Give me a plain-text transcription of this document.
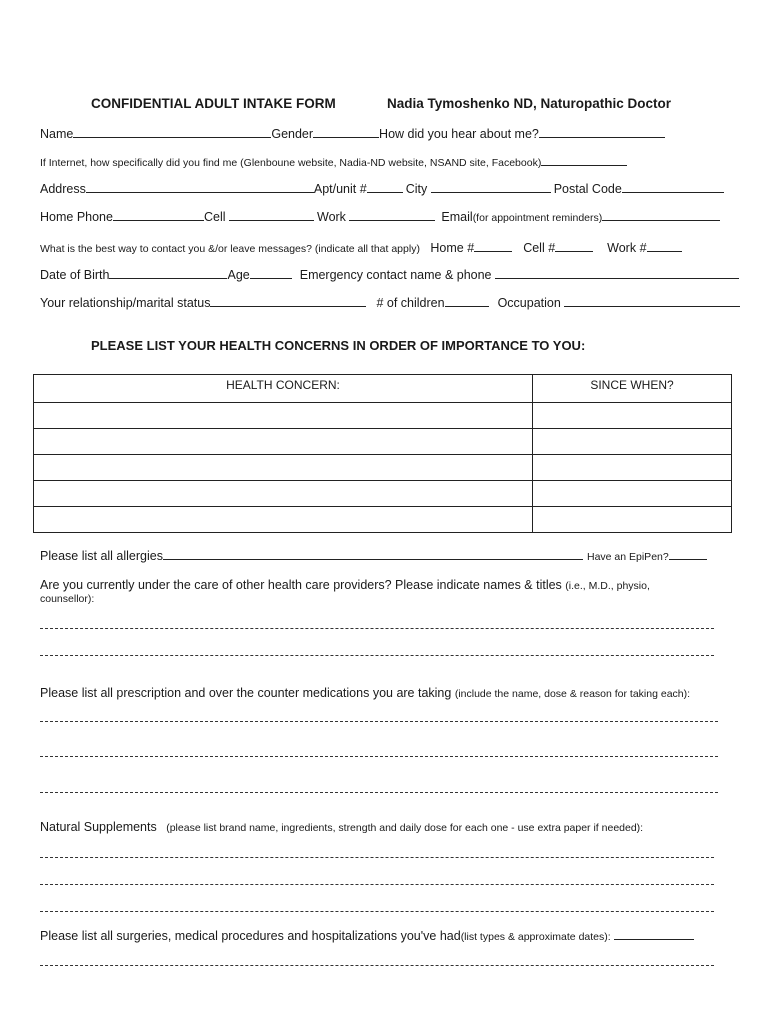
CONFIDENTIAL ADULT INTAKE FORM	Nadia Tymoshenko ND, Naturopathic Doctor
Name	Gender	How did you hear about me?
If Internet, how specifically did you find me (Glenboune website, Nadia-ND website, NSAND site, Facebook)
Address	Apt/unit #	City	Postal Code
Home Phone	Cell	Work	Email(for appointment reminders)
What is the best way to contact you &/or leave messages? (indicate all that apply) Home #	Cell #	Work #
Date of Birth	Age	Emergency contact name & phone
Your relationship/marital status	# of children	Occupation
PLEASE LIST YOUR HEALTH CONCERNS IN ORDER OF IMPORTANCE TO YOU:
HEALTH CONCERN:	SINCE WHEN?

Please list all allergies	Have an EpiPen?
Are you currently under the care of other health care providers? Please indicate names & titles (i.e., M.D., physio,
counsellor):
Please list all prescription and over the counter medications you are taking (include the name, dose & reason for taking each):
Natural Supplements (please list brand name, ingredients, strength and daily dose for each one - use extra paper if needed):
Please list all surgeries, medical procedures and hospitalizations you've had(list types & approximate dates):
